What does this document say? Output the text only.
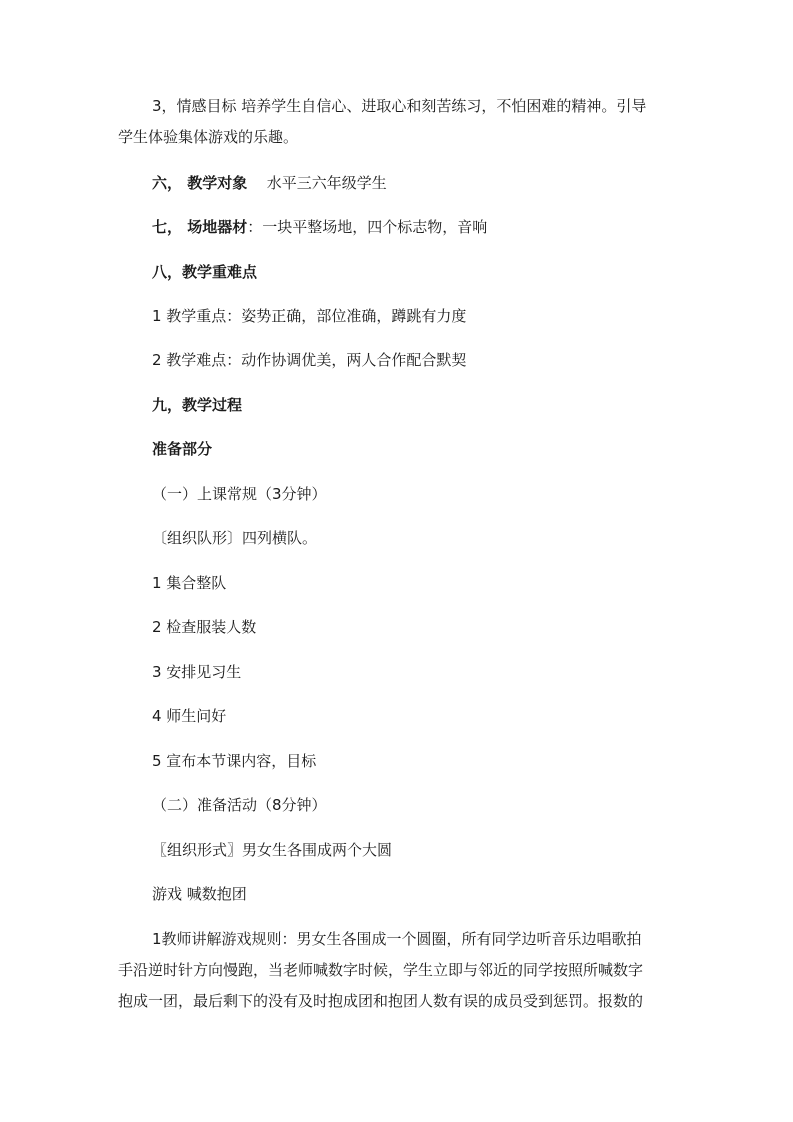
3，情感目标 培养学生自信心、进取心和刻苦练习，不怕困难的精神。引导
学生体验集体游戏的乐趣。
六， 教学对象 水平三六年级学生
七， 场地器材：一块平整场地，四个标志物，音响
八，教学重难点
1 教学重点：姿势正确，部位准确，蹲跳有力度
2 教学难点：动作协调优美，两人合作配合默契
九，教学过程
准备部分
（一）上课常规（3分钟）
〔组织队形〕四列横队。
1 集合整队
2 检查服装人数
3 安排见习生
4 师生问好
5 宣布本节课内容，目标
（二）准备活动（8分钟）
〖组织形式〗男女生各围成两个大圆
游戏 喊数抱团
1教师讲解游戏规则：男女生各围成一个圆圈，所有同学边听音乐边唱歌拍
手沿逆时针方向慢跑，当老师喊数字时候，学生立即与邻近的同学按照所喊数字
抱成一团，最后剩下的没有及时抱成团和抱团人数有误的成员受到惩罚。报数的
